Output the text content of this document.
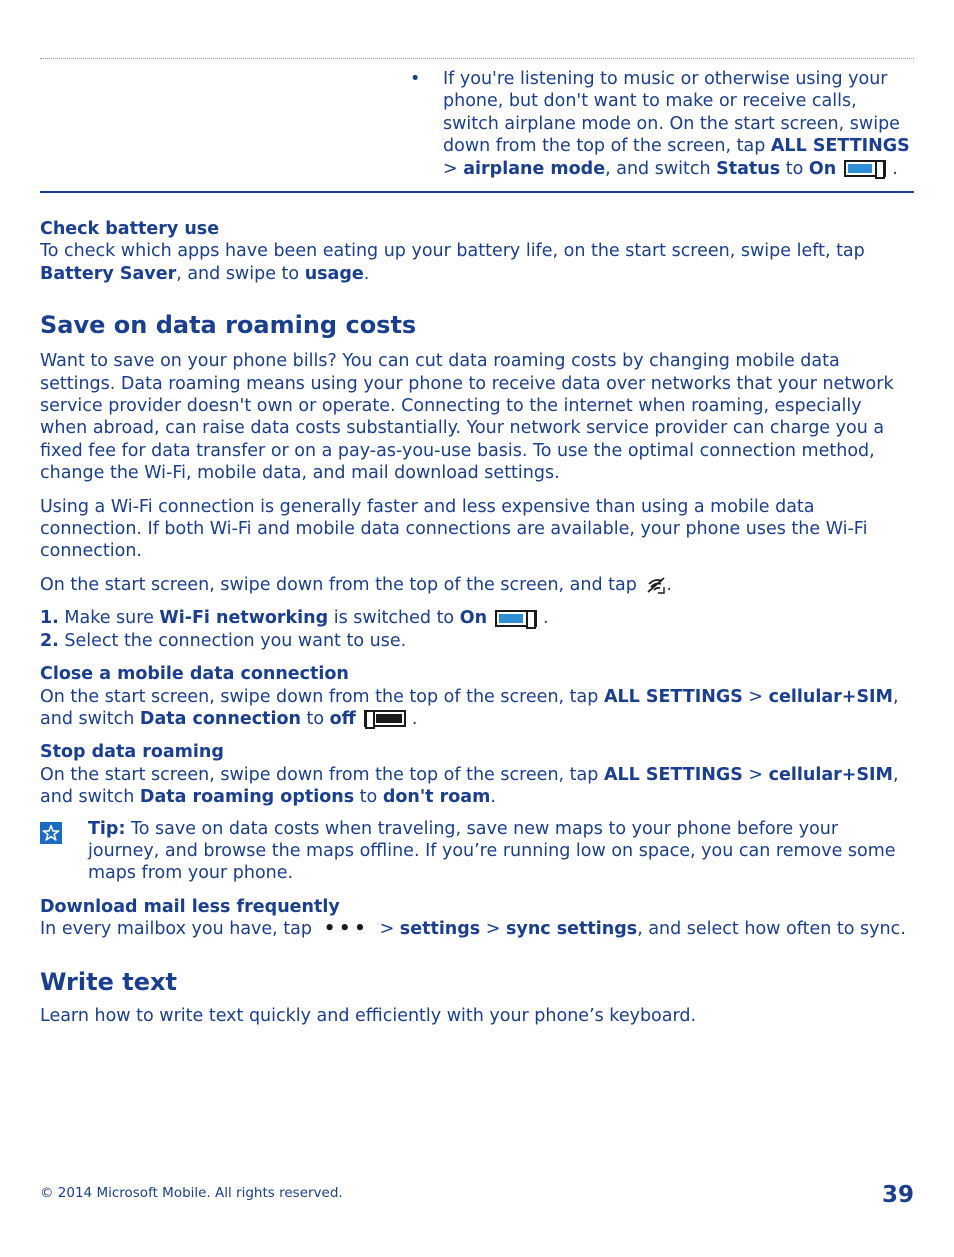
• If you're listening to music or otherwise using your phone, but don't want to make or receive calls, switch airplane mode on. On the start screen, swipe down from the top of the screen, tap ALL SETTINGS > airplane mode, and switch Status to On	.
Check battery use

To check which apps have been eating up your battery life, on the start screen, swipe left, tap Battery Saver, and swipe to usage.

Save on data roaming costs

Want to save on your phone bills? You can cut data roaming costs by changing mobile data settings. Data roaming means using your phone to receive data over networks that your network service provider doesn't own or operate. Connecting to the internet when roaming, especially when abroad, can raise data costs substantially. Your network service provider can charge you a fixed fee for data transfer or on a pay-as-you-use basis. To use the optimal connection method, change the Wi-Fi, mobile data, and mail download settings.

Using a Wi-Fi connection is generally faster and less expensive than using a mobile data connection. If both Wi-Fi and mobile data connections are available, your phone uses the Wi-Fi connection.

On the start screen, swipe down from the top of the screen, and tap .

1. Make sure Wi-Fi networking is switched to On	.

2. Select the connection you want to use.

Close a mobile data connection

On the start screen, swipe down from the top of the screen, tap ALL SETTINGS > cellular+SIM, and switch Data connection to off	.

Stop data roaming

On the start screen, swipe down from the top of the screen, tap ALL SETTINGS > cellular+SIM, and switch Data roaming options to don't roam.

Tip: To save on data costs when traveling, save new maps to your phone before your journey, and browse the maps offline. If you’re running low on space, you can remove some maps from your phone.

Download mail less frequently

In every mailbox you have, tap ••• > settings > sync settings, and select how often to sync.

Write text

Learn how to write text quickly and efficiently with your phone’s keyboard.

© 2014 Microsoft Mobile. All rights reserved.	39
